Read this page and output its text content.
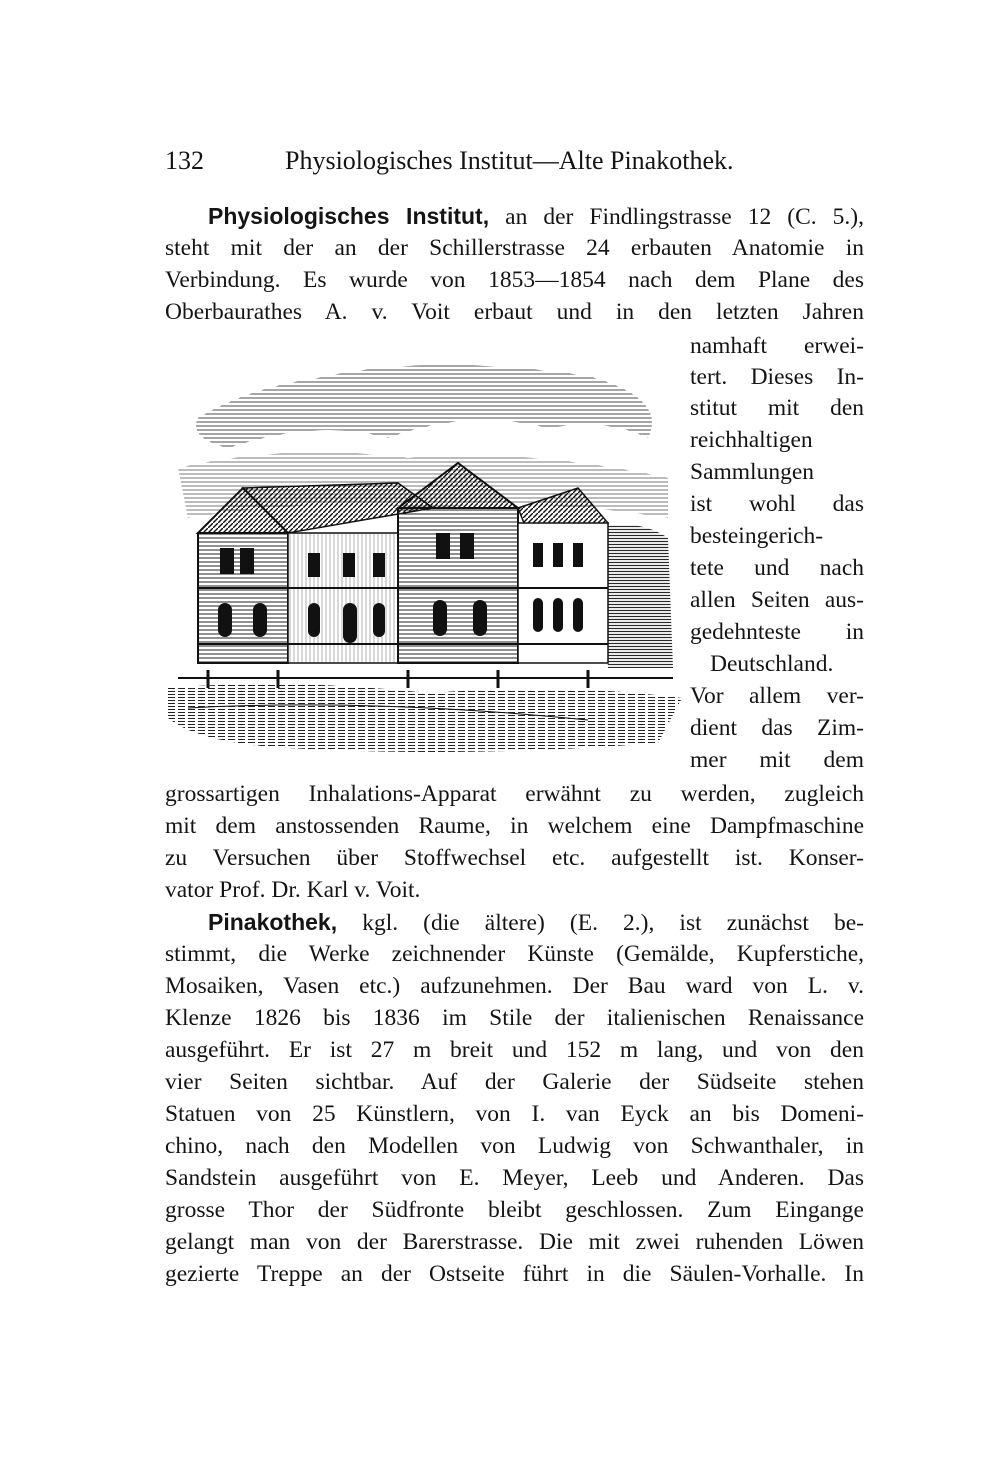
132	Physiologisches Institut—Alte Pinakothek.
Physiologisches Institut, an der Findlingstrasse 12 (C. 5.),
steht mit der an der Schillerstrasse 24 erbauten Anatomie in
Verbindung. Es wurde von 1853—1854 nach dem Plane des
Oberbaurathes A. v. Voit erbaut und in den letzten Jahren
namhaft erwei-
tert. Dieses In-
stitut mit den
reichhaltigen
Sammlungen
ist wohl das
besteingerich-
tete und nach
allen Seiten aus-
gedehnteste in
Deutschland.
Vor allem ver-
dient das Zim-
mer mit dem
grossartigen Inhalations-Apparat erwähnt zu werden, zugleich
mit dem anstossenden Raume, in welchem eine Dampfmaschine
zu Versuchen über Stoffwechsel etc. aufgestellt ist. Konser-
vator Prof. Dr. Karl v. Voit.
Pinakothek, kgl. (die ältere) (E. 2.), ist zunächst be-
stimmt, die Werke zeichnender Künste (Gemälde, Kupferstiche,
Mosaiken, Vasen etc.) aufzunehmen. Der Bau ward von L. v.
Klenze 1826 bis 1836 im Stile der italienischen Renaissance
ausgeführt. Er ist 27 m breit und 152 m lang, und von den
vier Seiten sichtbar. Auf der Galerie der Südseite stehen
Statuen von 25 Künstlern, von I. van Eyck an bis Domeni-
chino, nach den Modellen von Ludwig von Schwanthaler, in
Sandstein ausgeführt von E. Meyer, Leeb und Anderen. Das
grosse Thor der Südfronte bleibt geschlossen. Zum Eingange
gelangt man von der Barerstrasse. Die mit zwei ruhenden Löwen
gezierte Treppe an der Ostseite führt in die Säulen-Vorhalle. In
